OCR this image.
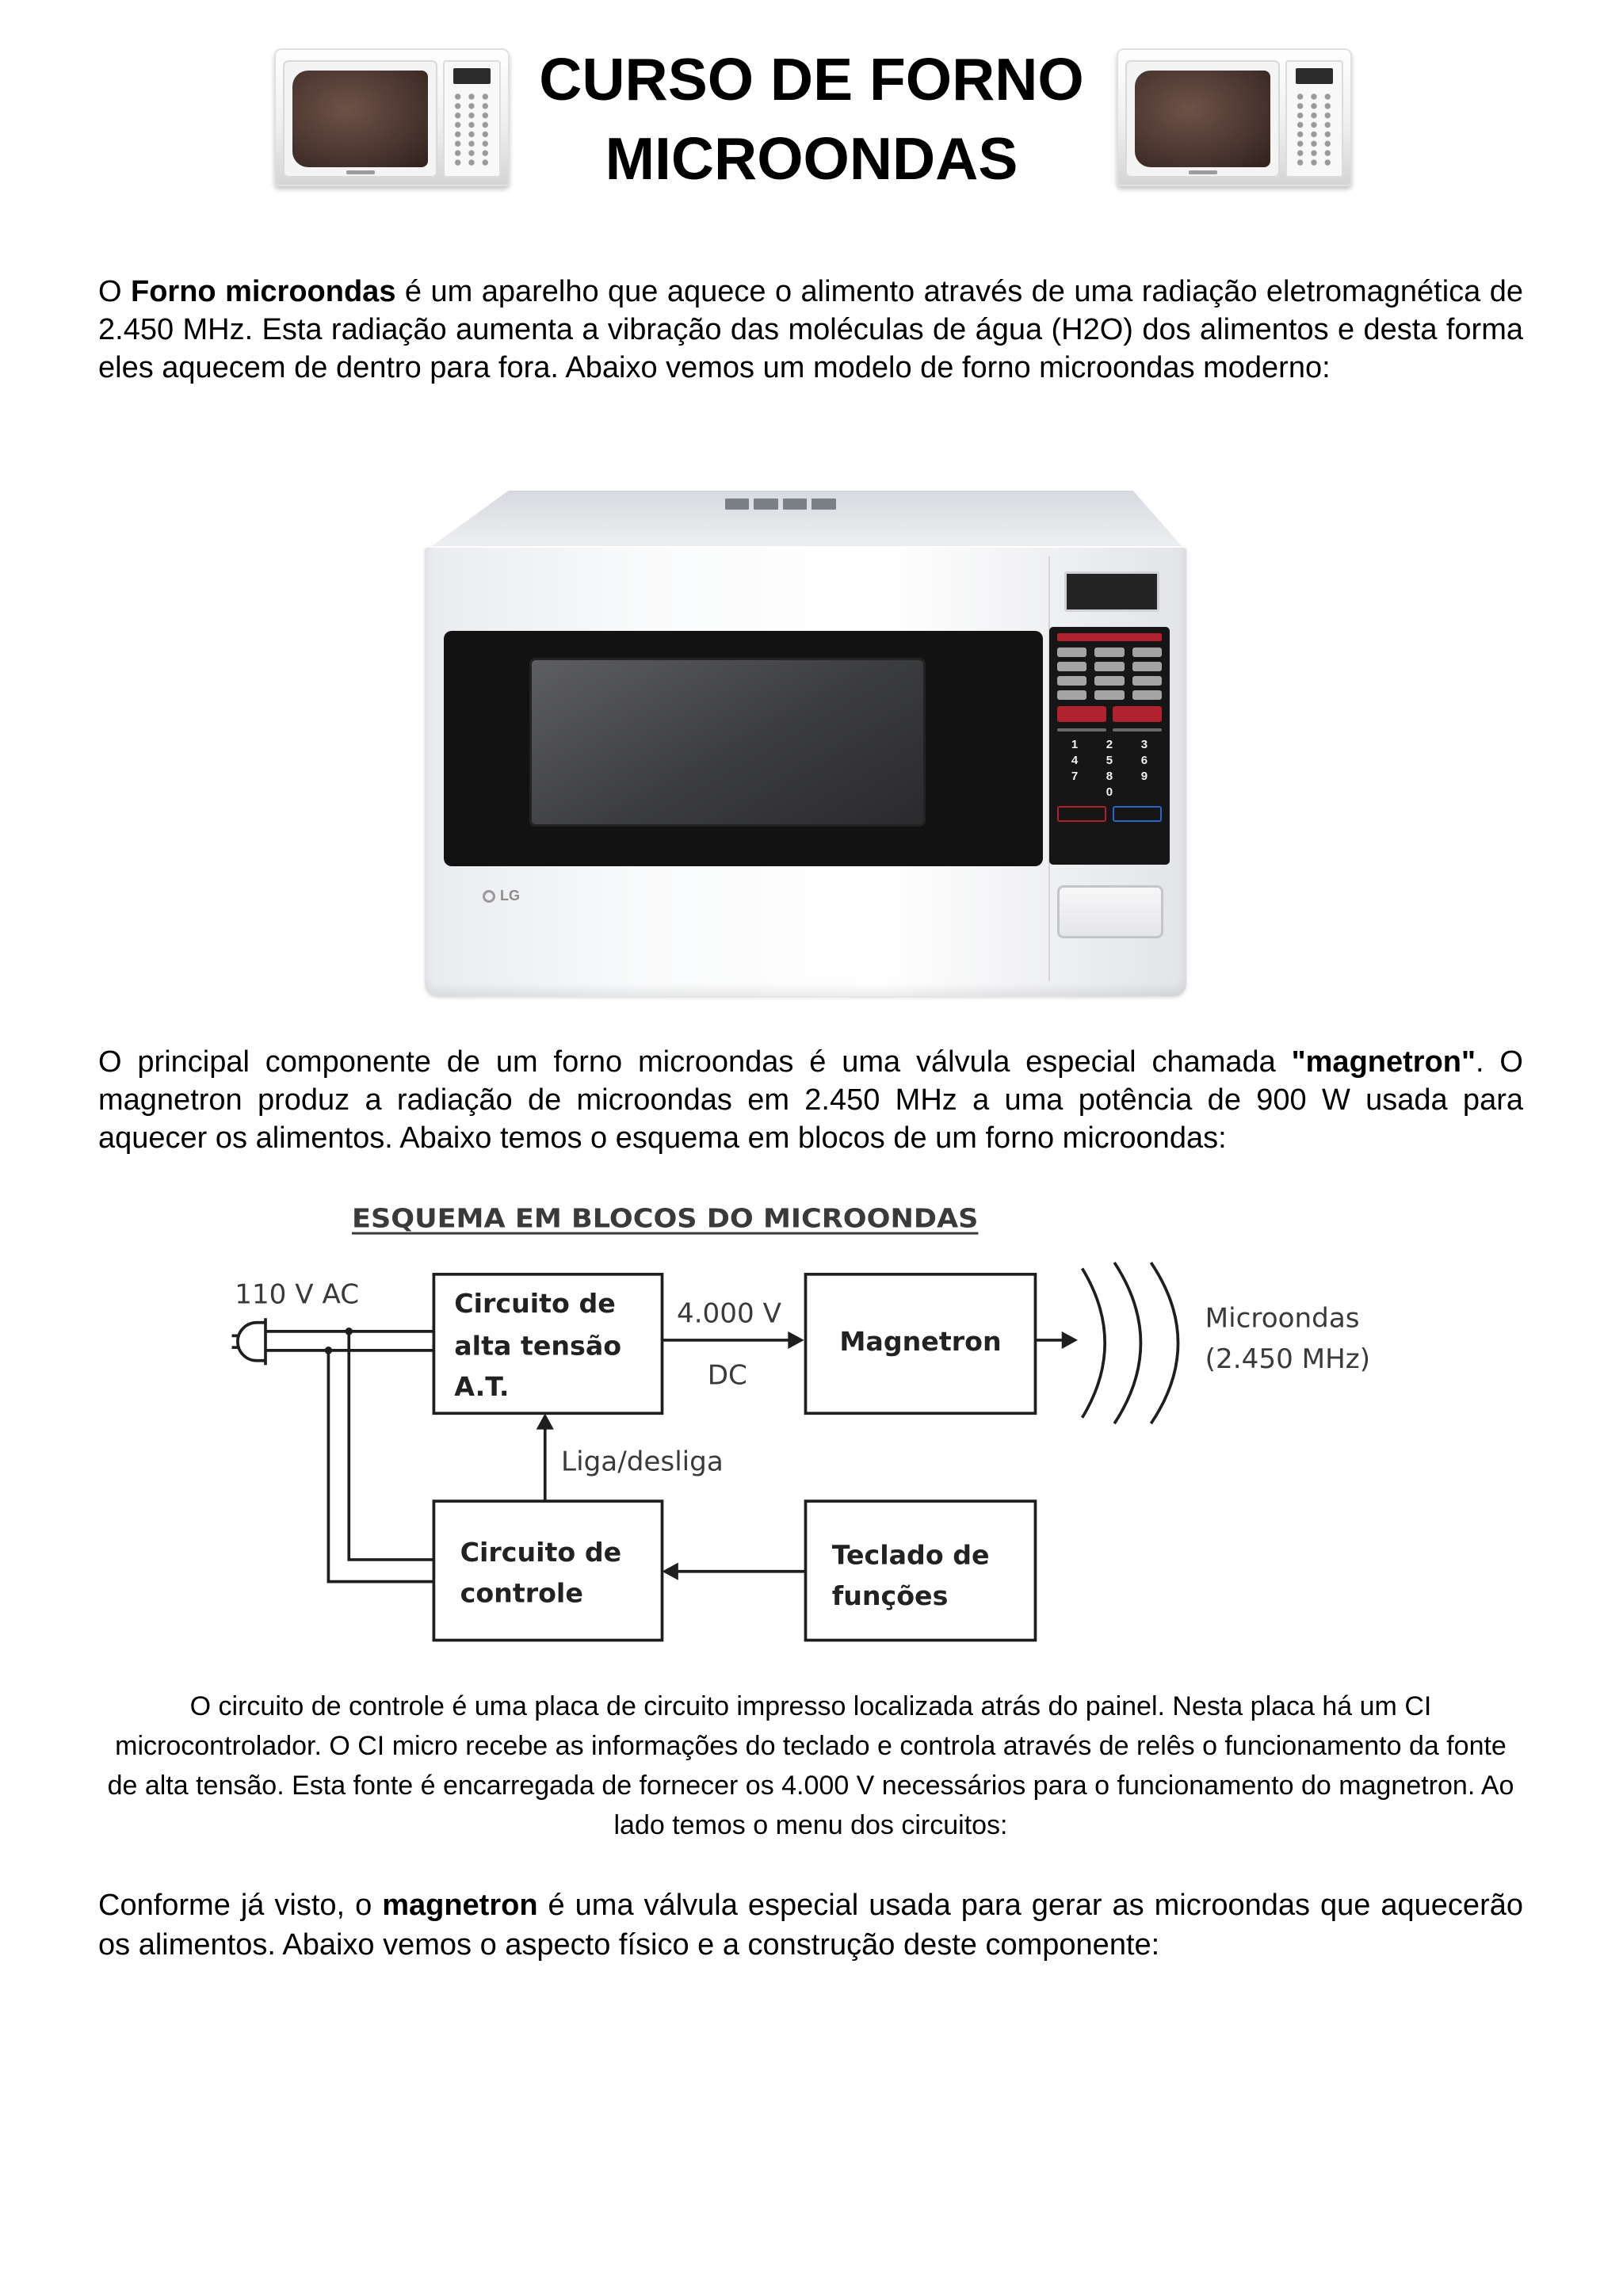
CURSO DE FORNO
MICROONDAS

O Forno microondas é um aparelho que aquece o alimento através de uma radiação eletromagnética de 2.450 MHz. Esta radiação aumenta a vibração das moléculas de água (H2O) dos alimentos e desta forma eles aquecem de dentro para fora. Abaixo vemos um modelo de forno microondas moderno:

LG
1	2	3
4	5	6
7	8	9
0

O principal componente de um forno microondas é uma válvula especial chamada "magnetron". O magnetron produz a radiação de microondas em 2.450 MHz a uma potência de 900 W usada para aquecer os alimentos. Abaixo temos o esquema em blocos de um forno microondas:

ESQUEMA EM BLOCOS DO MICROONDAS
110 V AC	Circuito de
alta tensão
A.T.
4.000 V
DC
Magnetron
Microondas
(2.450 MHz)
Liga/desliga
Circuito de
controle
Teclado de
funções

O circuito de controle é uma placa de circuito impresso localizada atrás do painel. Nesta placa há um CI microcontrolador. O CI micro recebe as informações do teclado e controla através de relês o funcionamento da fonte de alta tensão. Esta fonte é encarregada de fornecer os 4.000 V necessários para o funcionamento do magnetron. Ao lado temos o menu dos circuitos:

Conforme já visto, o magnetron é uma válvula especial usada para gerar as microondas que aquecerão os alimentos. Abaixo vemos o aspecto físico e a construção deste componente:
